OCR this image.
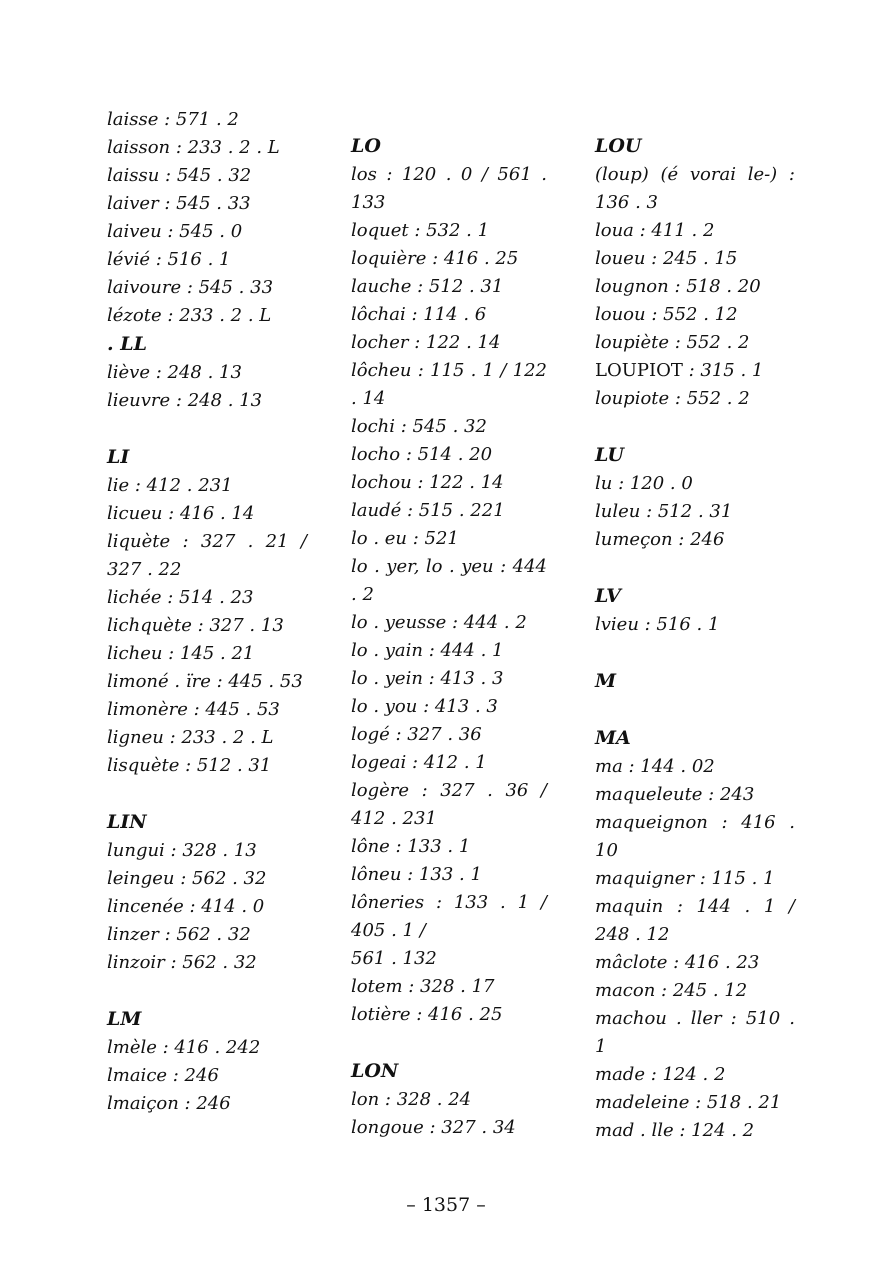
laisse : 571 . 2
laisson : 233 . 2 . L
laissu : 545 . 32
laiver : 545 . 33
laiveu : 545 . 0
lévié : 516 . 1
laivoure : 545 . 33
lézote : 233 . 2 . L
. LL
liève : 248 . 13
lieuvre : 248 . 13
LI
lie : 412 . 231
licueu : 416 . 14
liquète : 327 . 21 / 327 . 22
lichée : 514 . 23
lichquète : 327 . 13
licheu : 145 . 21
limoné . ïre : 445 . 53
limonère : 445 . 53
ligneu : 233 . 2 . L
lisquète : 512 . 31
LIN
lungui : 328 . 13
leingeu : 562 . 32
lincenée : 414 . 0
linzer : 562 . 32
linzoir : 562 . 32
LM
lmèle : 416 . 242
lmaice : 246
lmaiçon : 246
LO
los : 120 . 0 / 561 . 133
loquet : 532 . 1
loquière : 416 . 25
lauche : 512 . 31
lôchai : 114 . 6
locher : 122 . 14
lôcheu : 115 . 1 / 122 . 14
lochi : 545 . 32
locho : 514 . 20
lochou : 122 . 14
laudé : 515 . 221
lo . eu : 521
lo . yer, lo . yeu : 444 . 2
lo . yeusse : 444 . 2
lo . yain : 444 . 1
lo . yein : 413 . 3
lo . you : 413 . 3
logé : 327 . 36
logeai : 412 . 1
logère : 327 . 36 / 412 . 231
lône : 133 . 1
lôneu : 133 . 1
lôneries : 133 . 1 / 405 . 1 /
561 . 132
lotem : 328 . 17
lotière : 416 . 25
LON
lon : 328 . 24
longoue : 327 . 34
LOU
(loup) (é vorai le-) : 136 . 3
loua : 411 . 2
loueu : 245 . 15
lougnon : 518 . 20
louou : 552 . 12
loupiète : 552 . 2
LOUPIOT : 315 . 1
loupiote : 552 . 2
LU
lu : 120 . 0
luleu : 512 . 31
lumeçon : 246
LV
lvieu : 516 . 1
M
MA
ma : 144 . 02
maqueleute : 243
maqueignon : 416 . 10
maquigner : 115 . 1
maquin : 144 . 1 / 248 . 12
mâclote : 416 . 23
macon : 245 . 12
machou . ller : 510 . 1
made : 124 . 2
madeleine : 518 . 21
mad . lle : 124 . 2
– 1357 –
